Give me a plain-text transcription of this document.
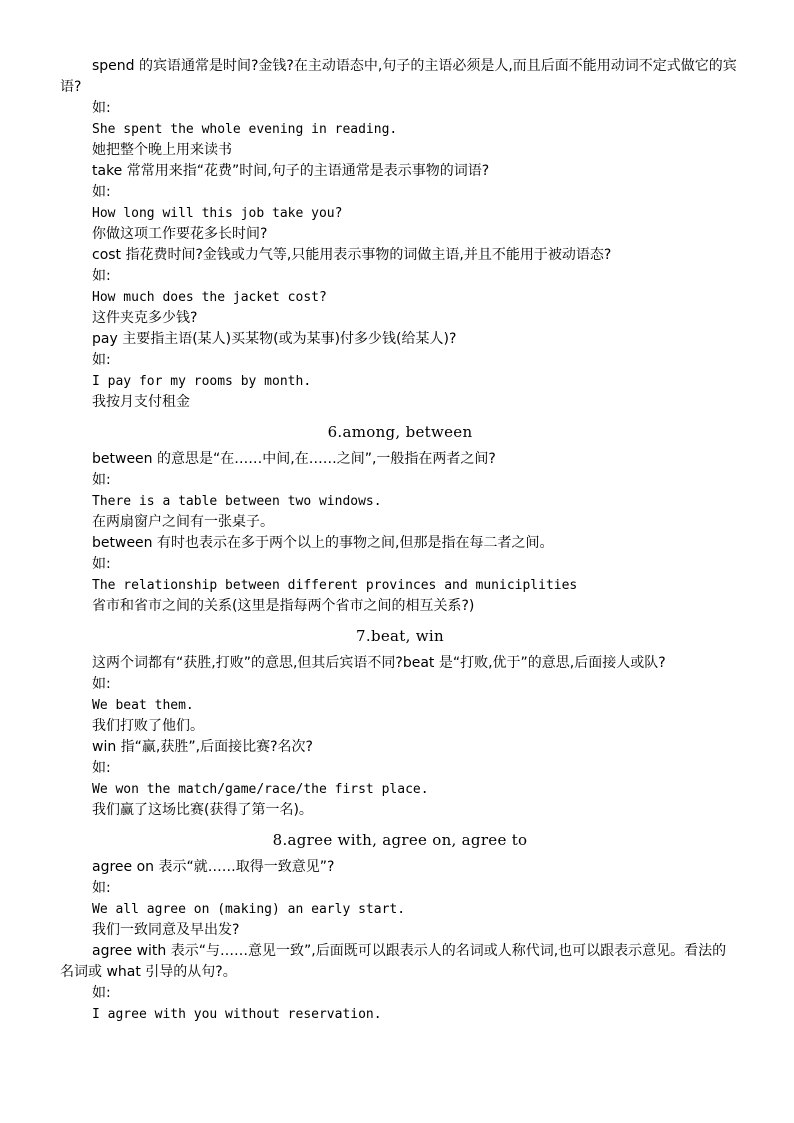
spend 的宾语通常是时间?金钱?在主动语态中,句子的主语必须是人,而且后面不能用动词不定式做它的宾语?

如:

She spent the whole evening in reading.

她把整个晚上用来读书

take 常常用来指“花费”时间,句子的主语通常是表示事物的词语?

如:

How long will this job take you?

你做这项工作要花多长时间?

cost 指花费时间?金钱或力气等,只能用表示事物的词做主语,并且不能用于被动语态?

如:

How much does the jacket cost?

这件夹克多少钱?

pay 主要指主语(某人)买某物(或为某事)付多少钱(给某人)?

如:

I pay for my rooms by month.

我按月支付租金

6.among, between

between 的意思是“在……中间,在……之间”,一般指在两者之间?

如:

There is a table between two windows.

在两扇窗户之间有一张桌子。

between 有时也表示在多于两个以上的事物之间,但那是指在每二者之间。

如:

The relationship between different provinces and municiplities

省市和省市之间的关系(这里是指每两个省市之间的相互关系?)

7.beat, win

这两个词都有“获胜,打败”的意思,但其后宾语不同?beat 是“打败,优于”的意思,后面接人或队?

如:

We beat them.

我们打败了他们。

win 指“赢,获胜”,后面接比赛?名次?

如:

We won the match/game/race/the first place.

我们赢了这场比赛(获得了第一名)。

8.agree with, agree on, agree to

agree on 表示“就……取得一致意见”?

如:

We all agree on (making) an early start.

我们一致同意及早出发?

agree with 表示“与……意见一致”,后面既可以跟表示人的名词或人称代词,也可以跟表示意见。看法的名词或 what 引导的从句?。

如:

I agree with you without reservation.
